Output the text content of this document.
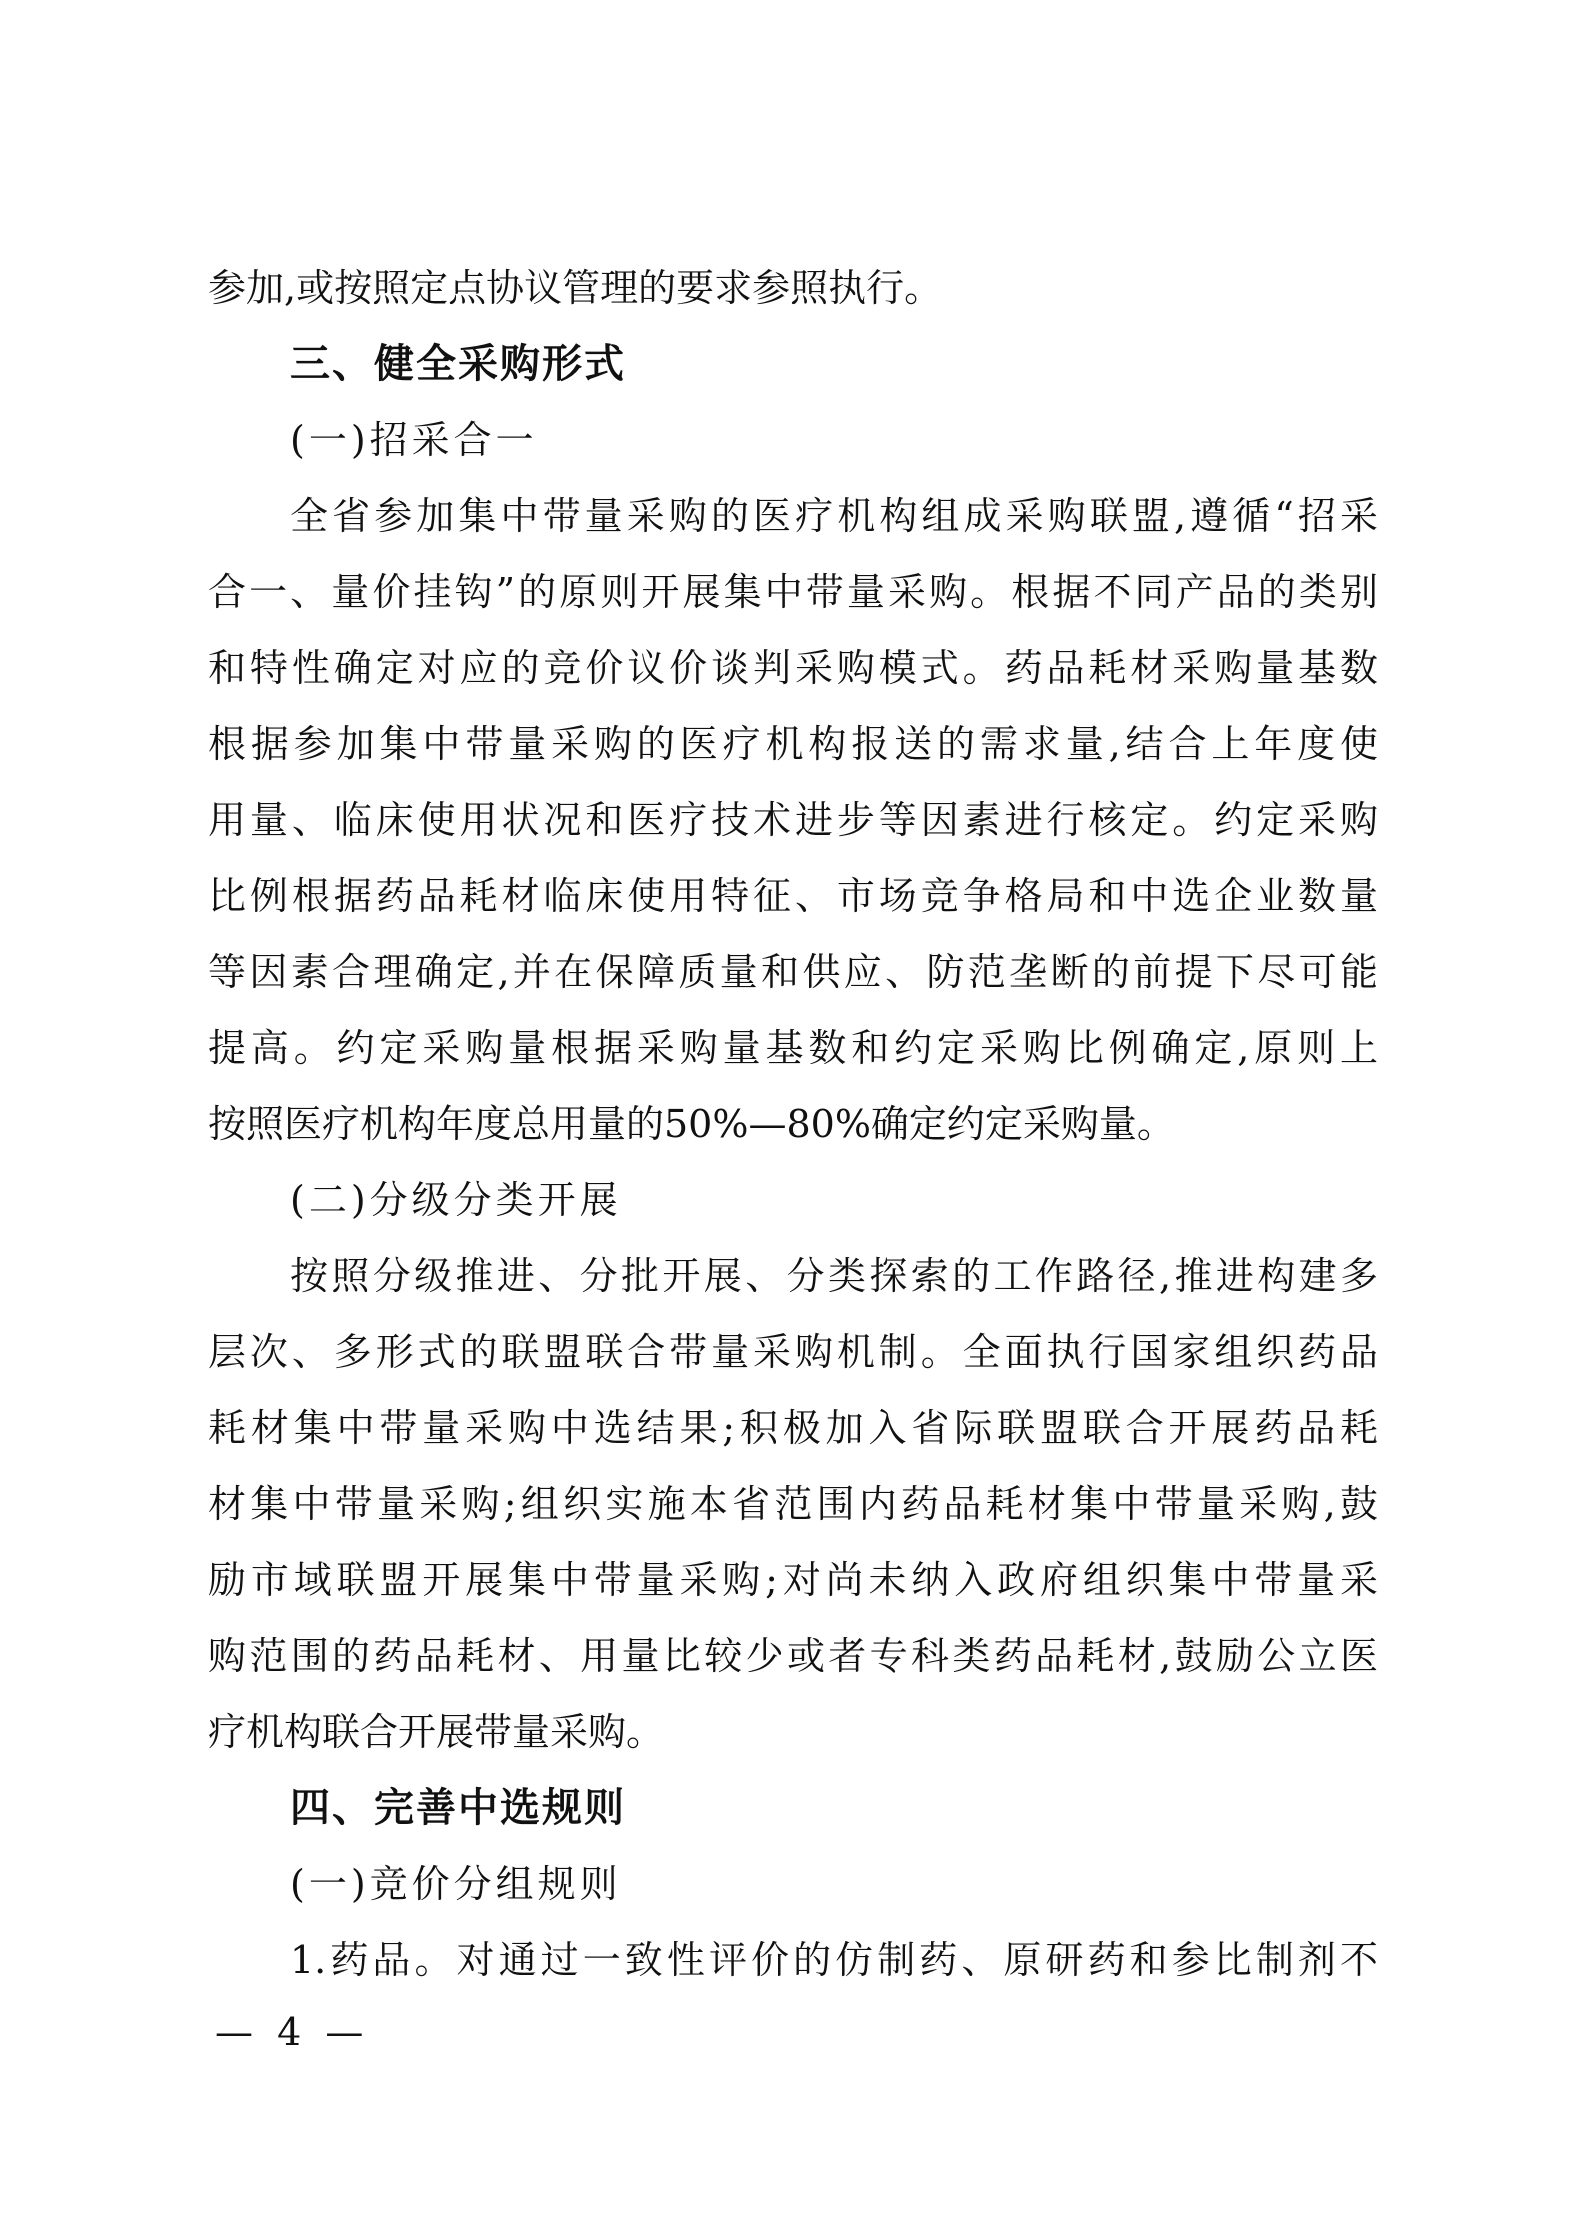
参加,或按照定点协议管理的要求参照执行。
三、健全采购形式
(一)招采合一
全省参加集中带量采购的医疗机构组成采购联盟,遵循“招采
合一、量价挂钩”的原则开展集中带量采购。根据不同产品的类别
和特性确定对应的竞价议价谈判采购模式。药品耗材采购量基数
根据参加集中带量采购的医疗机构报送的需求量,结合上年度使
用量、临床使用状况和医疗技术进步等因素进行核定。约定采购
比例根据药品耗材临床使用特征、市场竞争格局和中选企业数量
等因素合理确定,并在保障质量和供应、防范垄断的前提下尽可能
提高。约定采购量根据采购量基数和约定采购比例确定,原则上
按照医疗机构年度总用量的50%—80%确定约定采购量。
(二)分级分类开展
按照分级推进、分批开展、分类探索的工作路径,推进构建多
层次、多形式的联盟联合带量采购机制。全面执行国家组织药品
耗材集中带量采购中选结果;积极加入省际联盟联合开展药品耗
材集中带量采购;组织实施本省范围内药品耗材集中带量采购,鼓
励市域联盟开展集中带量采购;对尚未纳入政府组织集中带量采
购范围的药品耗材、用量比较少或者专科类药品耗材,鼓励公立医
疗机构联合开展带量采购。
四、完善中选规则
(一)竞价分组规则
1.药品。对通过一致性评价的仿制药、原研药和参比制剂不
— 4 —
